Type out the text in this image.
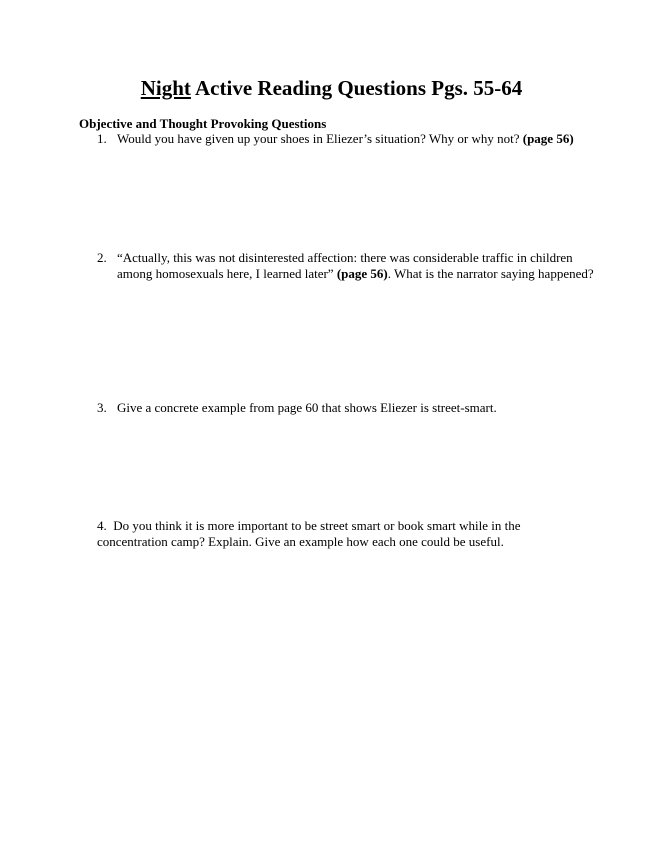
Night Active Reading Questions Pgs. 55-64
Objective and Thought Provoking Questions
1. Would you have given up your shoes in Eliezer’s situation? Why or why not? (page 56)
2. “Actually, this was not disinterested affection: there was considerable traffic in children among homosexuals here, I learned later” (page 56). What is the narrator saying happened?
3. Give a concrete example from page 60 that shows Eliezer is street-smart.
4. Do you think it is more important to be street smart or book smart while in the concentration camp? Explain. Give an example how each one could be useful.
